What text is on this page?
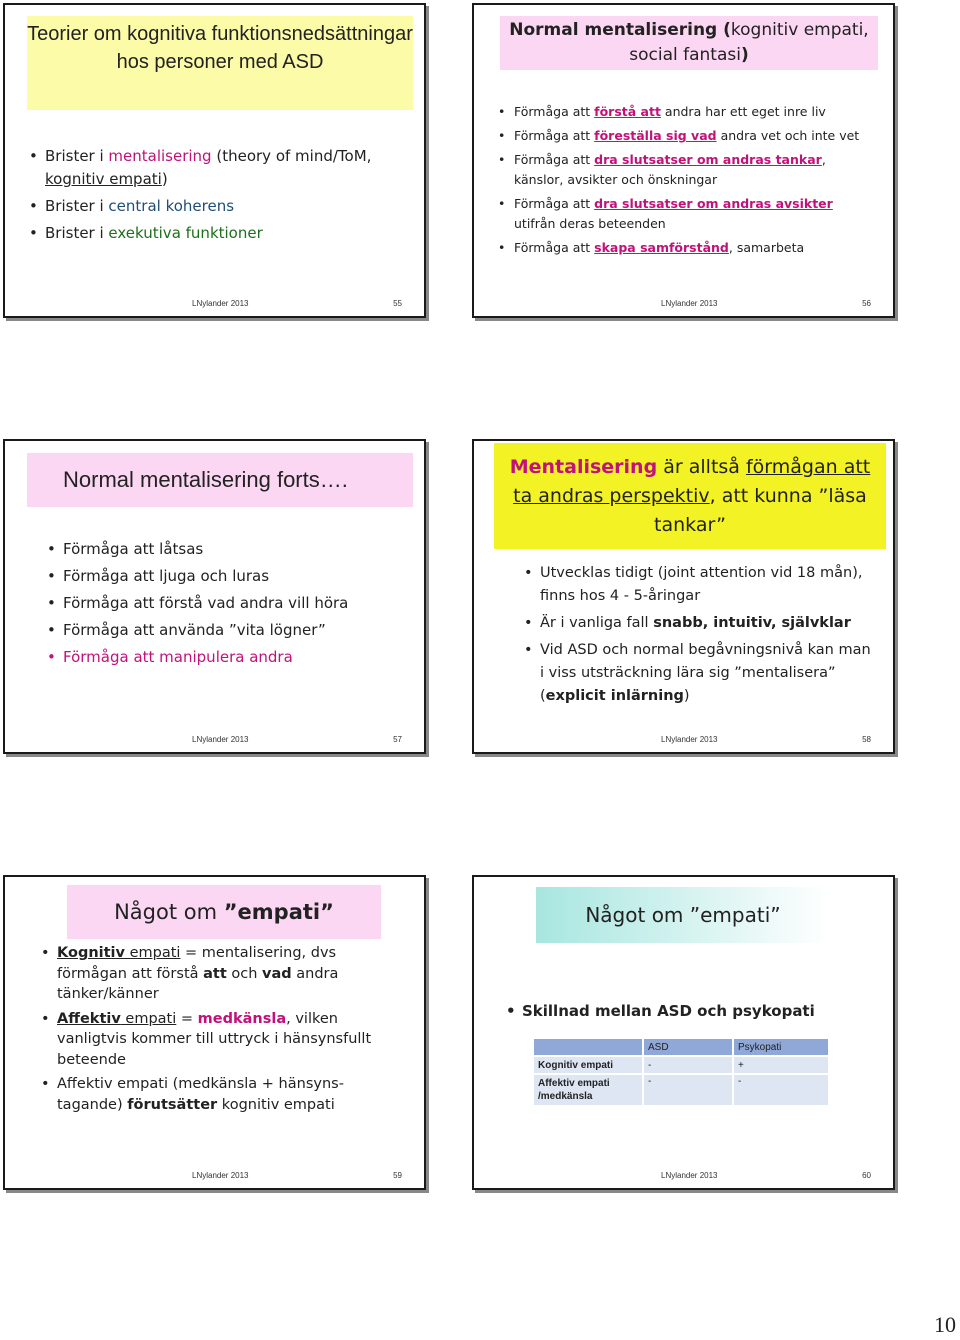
Teorier om kognitiva funktionsnedsättningar hos personer med ASD
• Brister i mentalisering (theory of mind/ToM, kognitiv empati)
• Brister i central koherens
• Brister i exekutiva funktioner
LNylander 2013	55
Normal mentalisering (kognitiv empati, social fantasi)
• Förmåga att förstå att andra har ett eget inre liv
• Förmåga att föreställa sig vad andra vet och inte vet
• Förmåga att dra slutsatser om andras tankar, känslor, avsikter och önskningar
• Förmåga att dra slutsatser om andras avsikter utifrån deras beteenden
• Förmåga att skapa samförstånd, samarbeta
LNylander 2013	56
Normal mentalisering forts….
• Förmåga att låtsas
• Förmåga att ljuga och luras
• Förmåga att förstå vad andra vill höra
• Förmåga att använda ”vita lögner”
• Förmåga att manipulera andra
LNylander 2013	57
Mentalisering är alltså förmågan att ta andras perspektiv, att kunna ”läsa tankar”
• Utvecklas tidigt (joint attention vid 18 mån), finns hos 4 - 5-åringar
• Är i vanliga fall snabb, intuitiv, självklar
• Vid ASD och normal begåvningsnivå kan man i viss utsträckning lära sig ”mentalisera” (explicit inlärning)
LNylander 2013	58
Något om ”empati”
• Kognitiv empati = mentalisering, dvs förmågan att förstå att och vad andra tänker/känner
• Affektiv empati = medkänsla, vilken vanligtvis kommer till uttryck i hänsynsfullt beteende
• Affektiv empati (medkänsla + hänsyns-tagande) förutsätter kognitiv empati
LNylander 2013	59
Något om ”empati”
• Skillnad mellan ASD och psykopati
	ASD	Psykopati
Kognitiv empati	-	+
Affektiv empati /medkänsla	-	-
LNylander 2013	60
10
